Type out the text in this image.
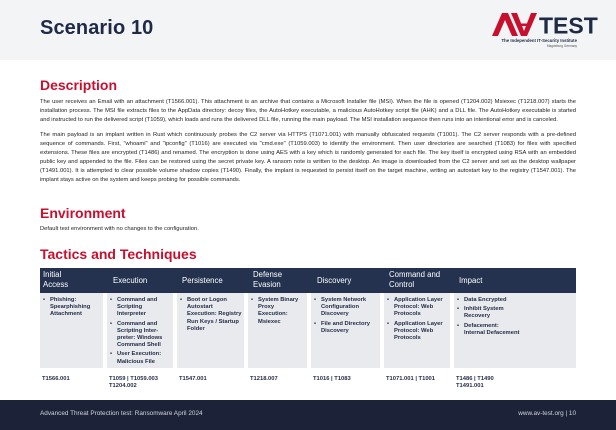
Scenario 10	TEST
The Independent IT-Security Institute
Magdeburg Germany
Description

The user receives an Email with an attachment (T1566.001). This attachment is an archive that contains a Microsoft Installer file (MSI). When the file is opened (T1204.002) Msiexec (T1218.007) starts the installation process. The MSI file extracts files to the AppData directory: decoy files, the AutoHotkey executable, a malicious AutoHotkey script file (AHK) and a DLL file. The AutoHotkey executable is started and instructed to run the delivered script (T1059), which loads and runs the delivered DLL file, running the main payload. The MSI installation sequence then runs into an intentional error and is canceled.

The main payload is an implant written in Rust which continuously probes the C2 server via HTTPS (T1071.001) with manually obfuscated requests (T1001). The C2 server responds with a pre-defined sequence of commands. First, "whoami" and "ipconfig" (T1016) are executed via "cmd.exe" (T1059.003) to identify the environment. Then user directories are searched (T1083) for files with specified extensions. These files are encrypted (T1486) and renamed. The encryption is done using AES with a key which is randomly generated for each file. The key itself is encrypted using RSA with an embedded public key and appended to the file. Files can be restored using the secret private key. A ransom note is written to the desktop. An image is downloaded from the C2 server and set as the desktop wallpaper (T1491.001). It is attempted to clear possible volume shadow copies (T1490). Finally, the implant is requested to persist itself on the target machine, writing an autostart key to the registry (T1547.001). The implant stays active on the system and keeps probing for possible commands.

Environment

Default test environment with no changes to the configuration.

Tactics and Techniques
Initial
Access
• Phishing: Spearphishing Attachment
T1566.001
Execution
• Command and Scripting Interpreter
• Command and Scripting Inter-preter: Windows Command Shell
• User Execution: Malicious File
T1059 | T1059.003
T1204.002
Persistence
• Boot or Logon Autostart Execution: Registry Run Keys / Startup Folder
T1547.001
Defense
Evasion
• System Binary Proxy Execution: Msiexec
T1218.007
Discovery
• System Network Configuration Discovery
• File and Directory Discovery
T1016 | T1083
Command and
Control
• Application Layer Protocol: Web Protocols
• Application Layer Protocol: Web Protocols
T1071.001 | T1001
Impact
• Data Encrypted
• Inhibit System Recovery
• Defacement: Internal Defacement
T1486 | T1490
T1491.001
Advanced Threat Protection test: Ransomware April 2024	www.av-test.org | 10
